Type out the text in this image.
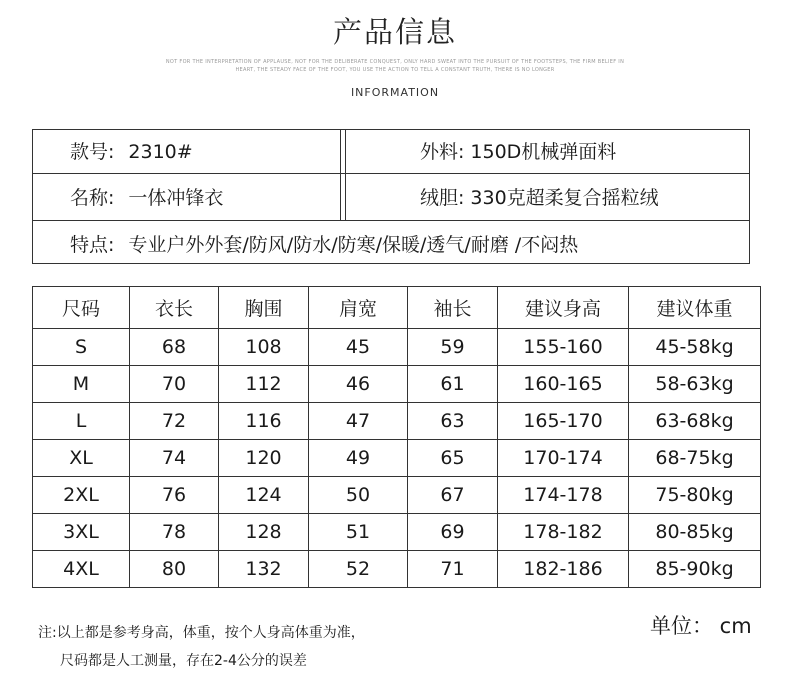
产品信息
NOT FOR THE INTERPRETATION OF APPLAUSE, NOT FOR THE DELIBERATE CONQUEST, ONLY HARD SWEAT INTO THE PURSUIT OF THE FOOTSTEPS, THE FIRM BELIEF IN
HEART, THE STEADY FACE OF THE FOOT, YOU USE THE ACTION TO TELL A CONSTANT TRUTH, THERE IS NO LONGER
INFORMATION
款号: 2310#	外料: 150D机械弹面料
名称: 一体冲锋衣	绒胆: 330克超柔复合摇粒绒
特点: 专业户外外套/防风/防水/防寒/保暖/透气/耐磨 /不闷热
尺码	衣长	胸围	肩宽	袖长	建议身高	建议体重
S	68	108	45	59	155-160	45-58kg
M	70	112	46	61	160-165	58-63kg
L	72	116	47	63	165-170	63-68kg
XL	74	120	49	65	170-174	68-75kg
2XL	76	124	50	67	174-178	75-80kg
3XL	78	128	51	69	178-182	80-85kg
4XL	80	132	52	71	182-186	85-90kg
单位： cm
注:以上都是参考身高，体重，按个人身高体重为准，
尺码都是人工测量，存在2-4公分的误差
